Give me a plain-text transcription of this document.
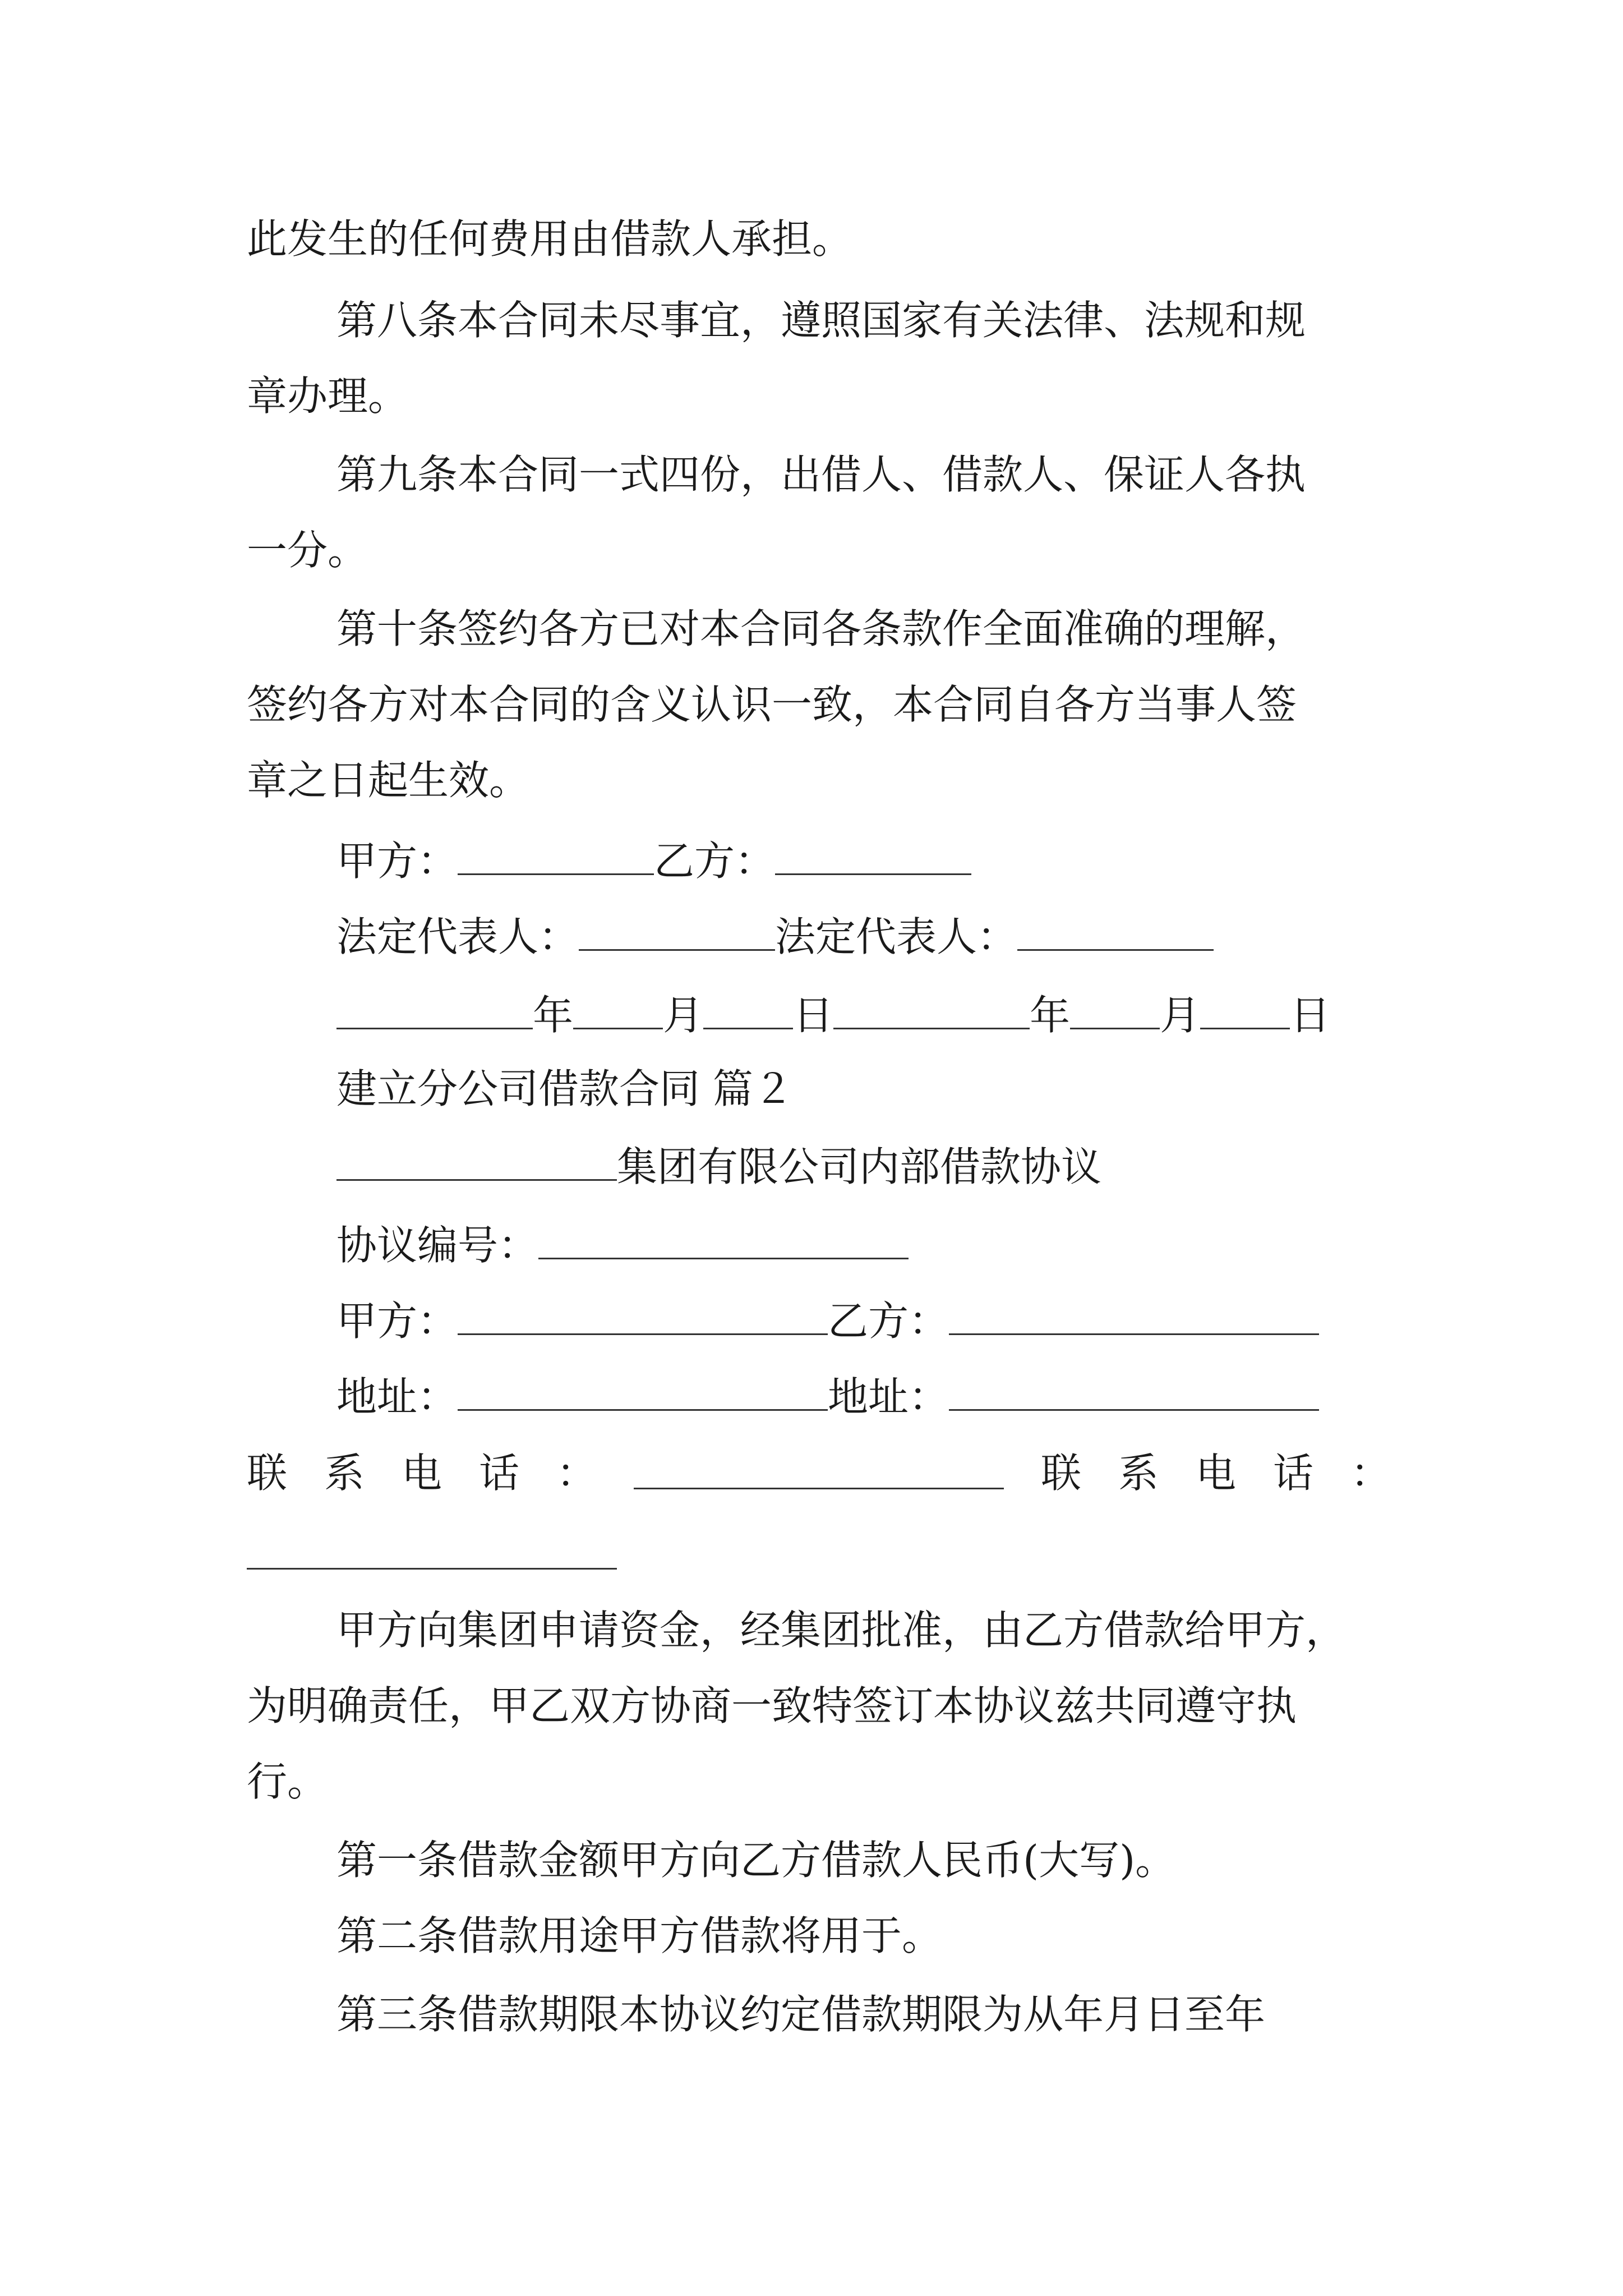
此发生的任何费用由借款人承担。
第八条本合同未尽事宜，遵照国家有关法律、法规和规
章办理。
第九条本合同一式四份，出借人、借款人、保证人各执
一分。
第十条签约各方已对本合同各条款作全面准确的理解，
签约各方对本合同的含义认识一致，本合同自各方当事人签
章之日起生效。
甲方：	乙方：
法定代表人：	法定代表人：
年 月 日	年 月 日
建立分公司借款合同 篇２
集团有限公司内部借款协议
协议编号：
甲方：	乙方：
地址：	地址：
联 系 电 话 ：	联 系 电 话 ：
甲方向集团申请资金，经集团批准，由乙方借款给甲方，
为明确责任，甲乙双方协商一致特签订本协议兹共同遵守执
行。
第一条借款金额甲方向乙方借款人民币(大写)。
第二条借款用途甲方借款将用于。
第三条借款期限本协议约定借款期限为从年月日至年
